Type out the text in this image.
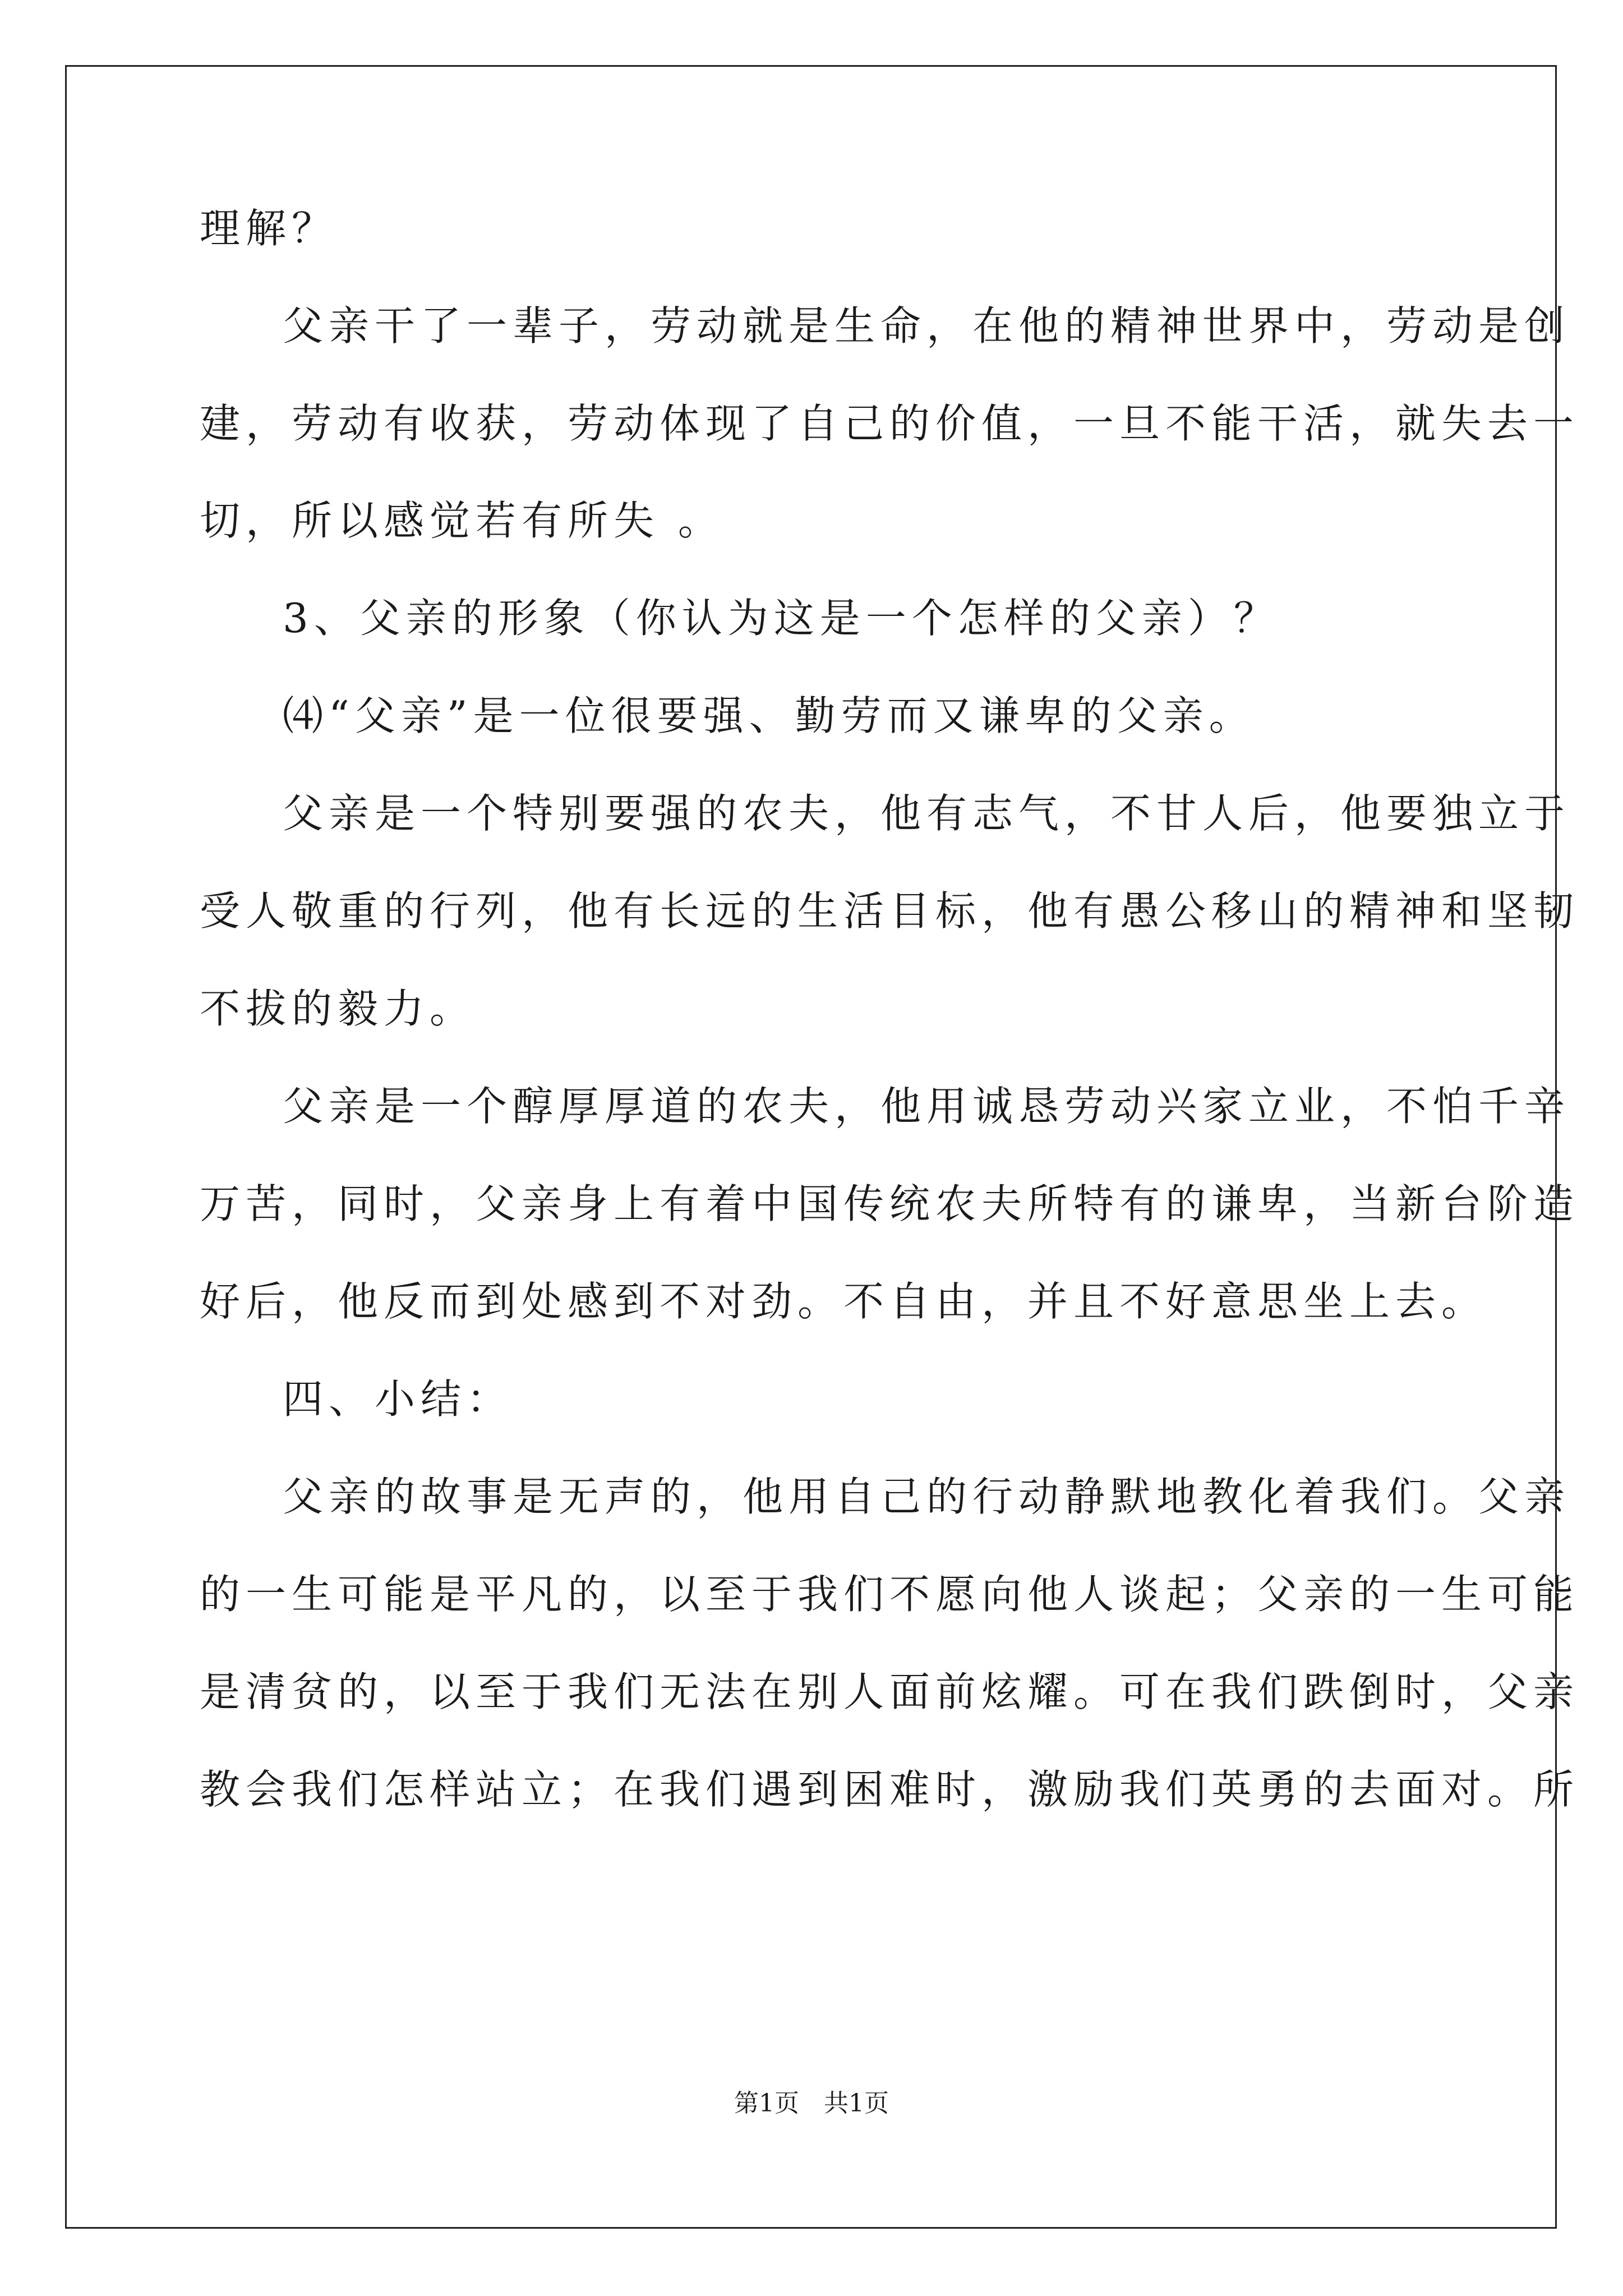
理解？
父亲干了一辈子，劳动就是生命，在他的精神世界中，劳动是创
建，劳动有收获，劳动体现了自己的价值，一旦不能干活，就失去一
切，所以感觉若有所失 。
3、父亲的形象（你认为这是一个怎样的父亲）？
⑷“父亲”是一位很要强、勤劳而又谦卑的父亲。
父亲是一个特别要强的农夫，他有志气，不甘人后，他要独立于
受人敬重的行列，他有长远的生活目标，他有愚公移山的精神和坚韧
不拔的毅力。
父亲是一个醇厚厚道的农夫，他用诚恳劳动兴家立业，不怕千辛
万苦，同时，父亲身上有着中国传统农夫所特有的谦卑，当新台阶造
好后，他反而到处感到不对劲。不自由，并且不好意思坐上去。
四、小结：
父亲的故事是无声的，他用自己的行动静默地教化着我们。父亲
的一生可能是平凡的，以至于我们不愿向他人谈起；父亲的一生可能
是清贫的，以至于我们无法在别人面前炫耀。可在我们跌倒时，父亲
教会我们怎样站立；在我们遇到困难时，激励我们英勇的去面对。所
第1页　共1页
